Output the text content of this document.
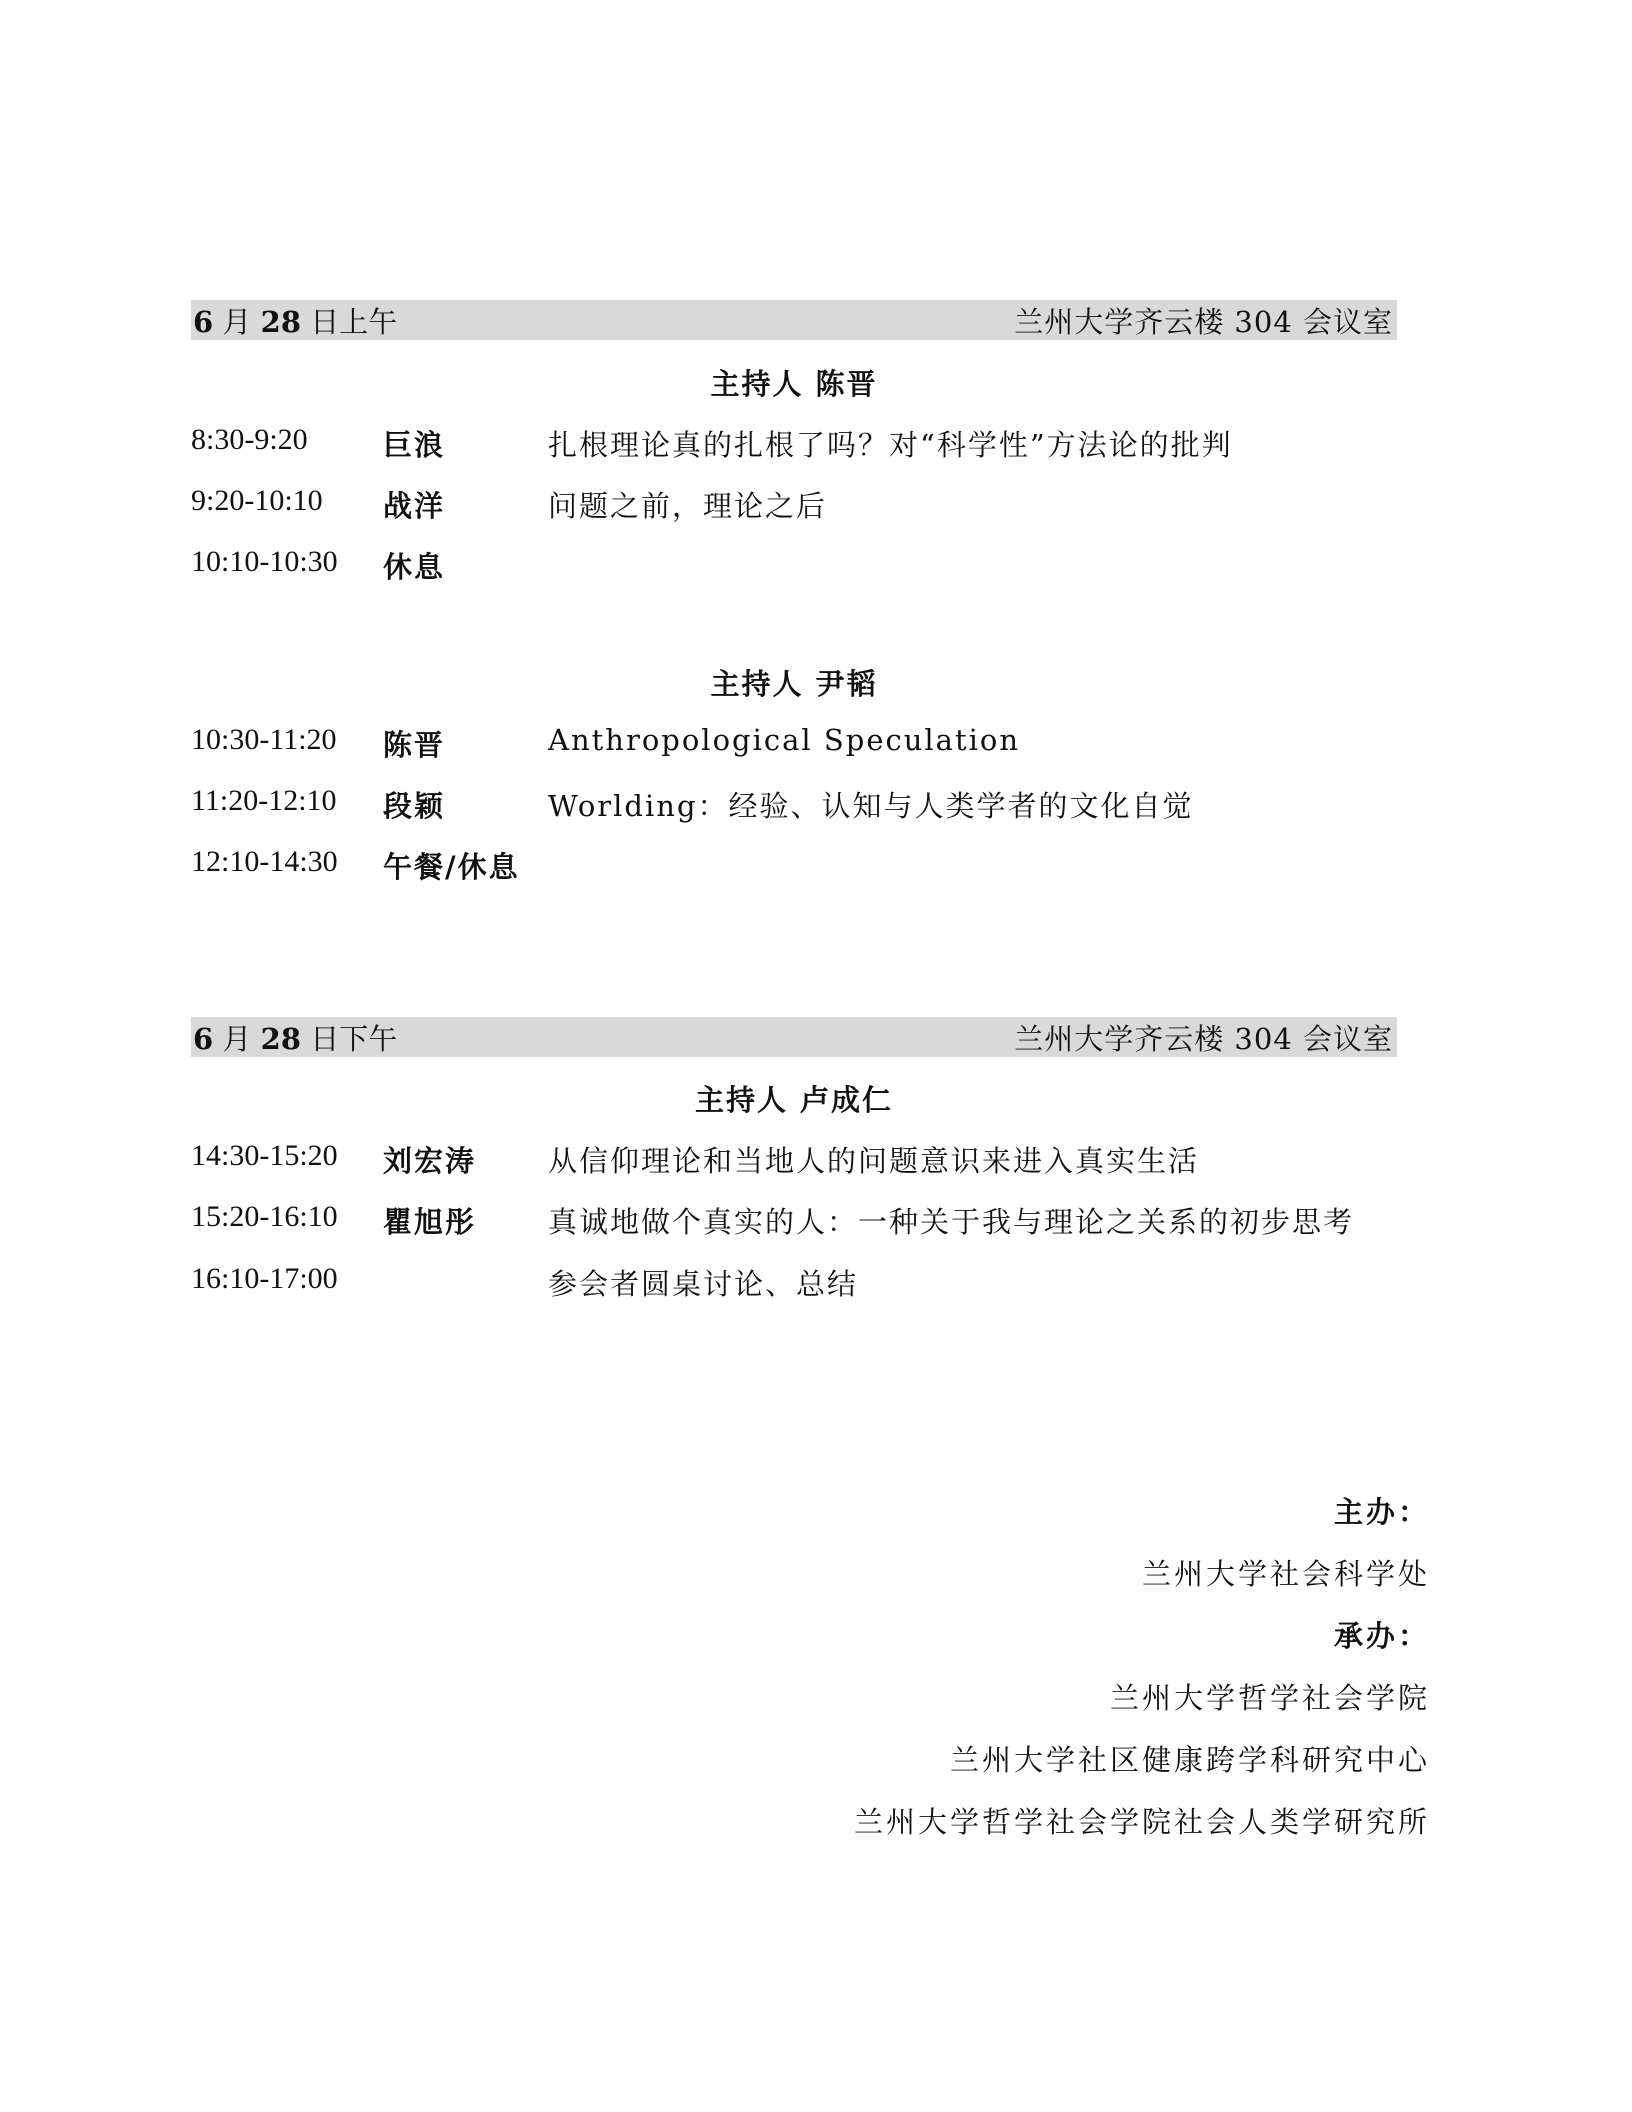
6 月 28 日上午	兰州大学齐云楼 304 会议室
主持人 陈晋
8:30-9:20	巨浪	扎根理论真的扎根了吗？对“科学性”方法论的批判
9:20-10:10 战洋	问题之前，理论之后
10:10-10:30 休息
主持人 尹韬
10:30-11:20 陈晋	Anthropological Speculation
11:20-12:10 段颖	Worlding：经验、认知与人类学者的文化自觉
12:10-14:30 午餐/休息
6 月 28 日下午	兰州大学齐云楼 304 会议室
主持人 卢成仁
14:30-15:20 刘宏涛 从信仰理论和当地人的问题意识来进入真实生活
15:20-16:10 瞿旭彤 真诚地做个真实的人：一种关于我与理论之关系的初步思考
16:10-17:00	参会者圆桌讨论、总结
主办：
兰州大学社会科学处
承办：
兰州大学哲学社会学院
兰州大学社区健康跨学科研究中心
兰州大学哲学社会学院社会人类学研究所
